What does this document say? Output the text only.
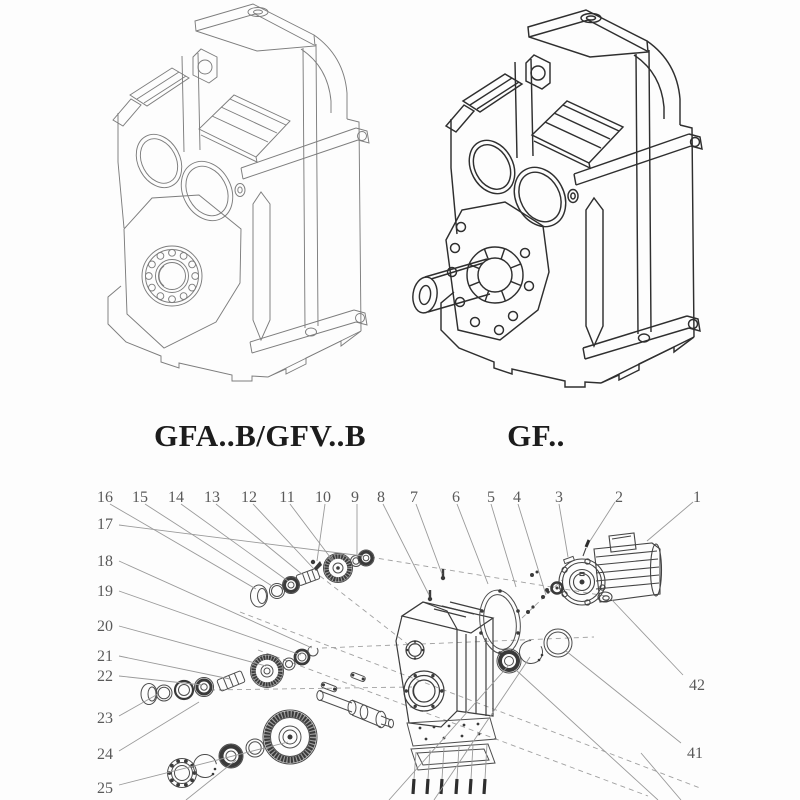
16 15 14 13 12 11 10 9 8 7 6 5 4 3	2	1
17
18
19
20
21
22
23
24
25
42
41
GFA..B/GFV..B	GF..
